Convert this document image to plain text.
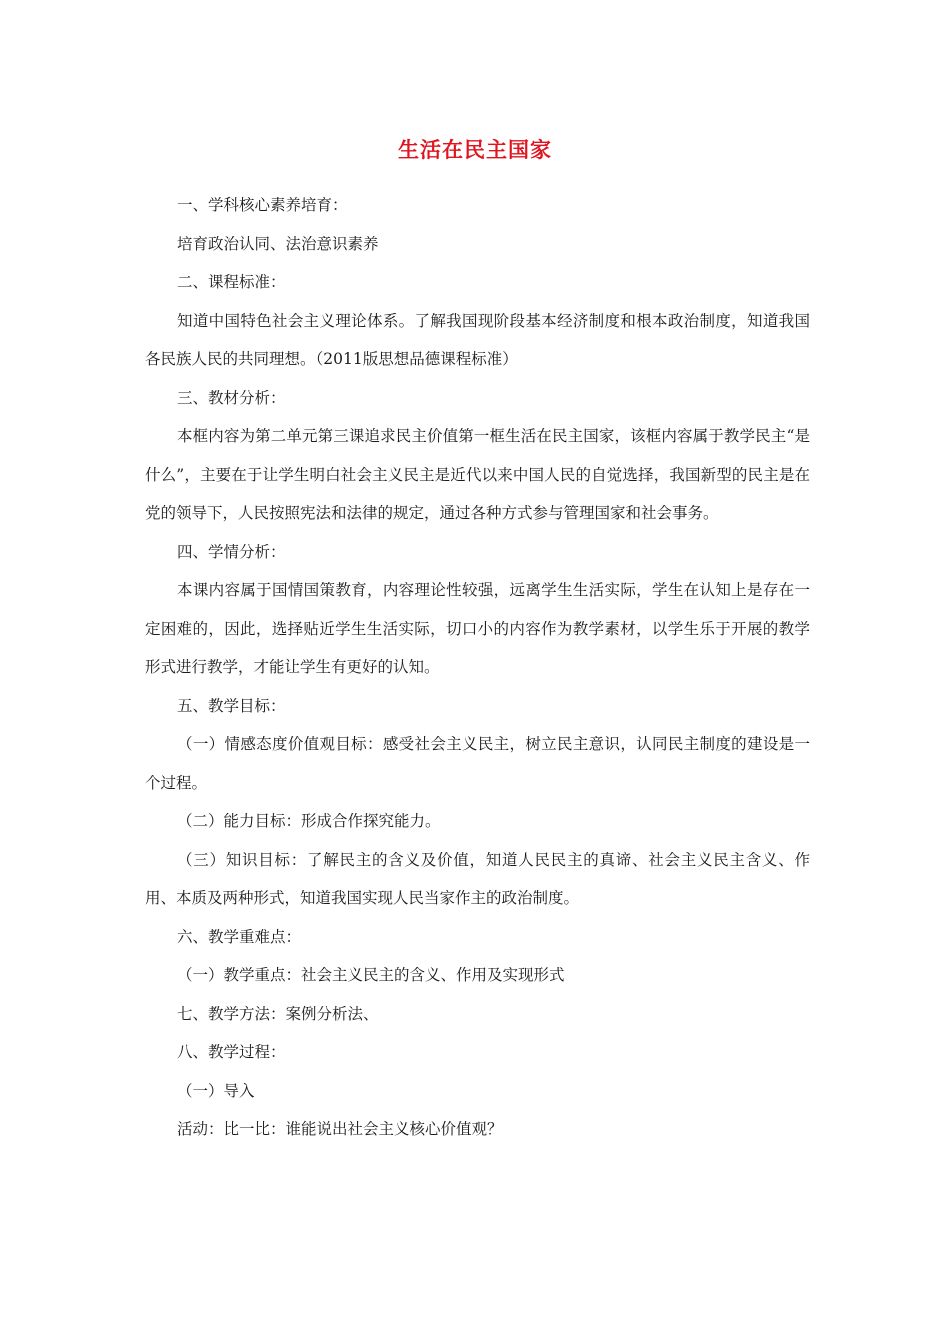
生活在民主国家

一、学科核心素养培育：

培育政治认同、法治意识素养

二、课程标准：

知道中国特色社会主义理论体系。了解我国现阶段基本经济制度和根本政治制度，知道我国各民族人民的共同理想。（2011版思想品德课程标准）

三、教材分析：

本框内容为第二单元第三课追求民主价值第一框生活在民主国家，该框内容属于教学民主“是什么”，主要在于让学生明白社会主义民主是近代以来中国人民的自觉选择，我国新型的民主是在党的领导下，人民按照宪法和法律的规定，通过各种方式参与管理国家和社会事务。

四、学情分析：

本课内容属于国情国策教育，内容理论性较强，远离学生生活实际，学生在认知上是存在一定困难的，因此，选择贴近学生生活实际，切口小的内容作为教学素材，以学生乐于开展的教学形式进行教学，才能让学生有更好的认知。

五、教学目标：

（一）情感态度价值观目标：感受社会主义民主，树立民主意识，认同民主制度的建设是一个过程。

（二）能力目标：形成合作探究能力。

（三）知识目标：了解民主的含义及价值，知道人民民主的真谛、社会主义民主含义、作用、本质及两种形式，知道我国实现人民当家作主的政治制度。

六、教学重难点：

（一）教学重点：社会主义民主的含义、作用及实现形式

七、教学方法：案例分析法、

八、教学过程：

（一）导入

活动：比一比：谁能说出社会主义核心价值观？
